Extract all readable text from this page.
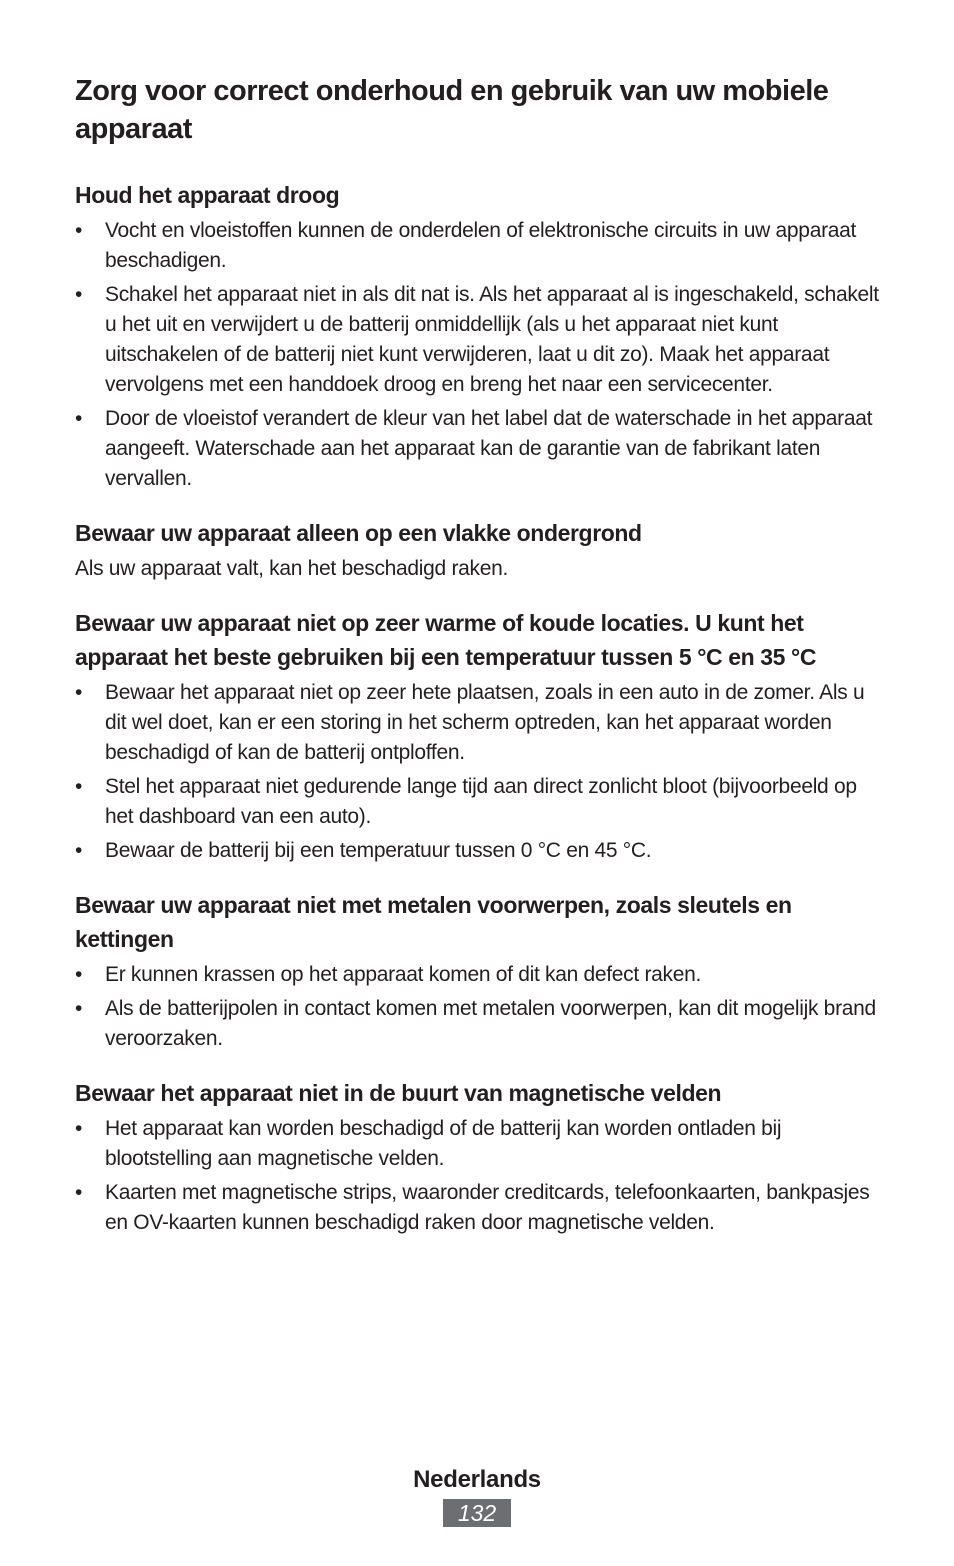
Zorg voor correct onderhoud en gebruik van uw mobiele apparaat
Houd het apparaat droog
•	Vocht en vloeistoffen kunnen de onderdelen of elektronische circuits in uw apparaat beschadigen.
•	Schakel het apparaat niet in als dit nat is. Als het apparaat al is ingeschakeld, schakelt u het uit en verwijdert u de batterij onmiddellijk (als u het apparaat niet kunt uitschakelen of de batterij niet kunt verwijderen, laat u dit zo). Maak het apparaat vervolgens met een handdoek droog en breng het naar een servicecenter.
•	Door de vloeistof verandert de kleur van het label dat de waterschade in het apparaat aangeeft. Waterschade aan het apparaat kan de garantie van de fabrikant laten vervallen.
Bewaar uw apparaat alleen op een vlakke ondergrond

Als uw apparaat valt, kan het beschadigd raken.

Bewaar uw apparaat niet op zeer warme of koude locaties. U kunt het apparaat het beste gebruiken bij een temperatuur tussen 5 °C en 35 °C
•	Bewaar het apparaat niet op zeer hete plaatsen, zoals in een auto in de zomer. Als u dit wel doet, kan er een storing in het scherm optreden, kan het apparaat worden beschadigd of kan de batterij ontploffen.
•	Stel het apparaat niet gedurende lange tijd aan direct zonlicht bloot (bijvoorbeeld op het dashboard van een auto).
•	Bewaar de batterij bij een temperatuur tussen 0 °C en 45 °C.
Bewaar uw apparaat niet met metalen voorwerpen, zoals sleutels en kettingen
•	Er kunnen krassen op het apparaat komen of dit kan defect raken.
•	Als de batterijpolen in contact komen met metalen voorwerpen, kan dit mogelijk brand veroorzaken.
Bewaar het apparaat niet in de buurt van magnetische velden
•	Het apparaat kan worden beschadigd of de batterij kan worden ontladen bij blootstelling aan magnetische velden.
•	Kaarten met magnetische strips, waaronder creditcards, telefoonkaarten, bankpasjes en OV-kaarten kunnen beschadigd raken door magnetische velden.
Nederlands
132
